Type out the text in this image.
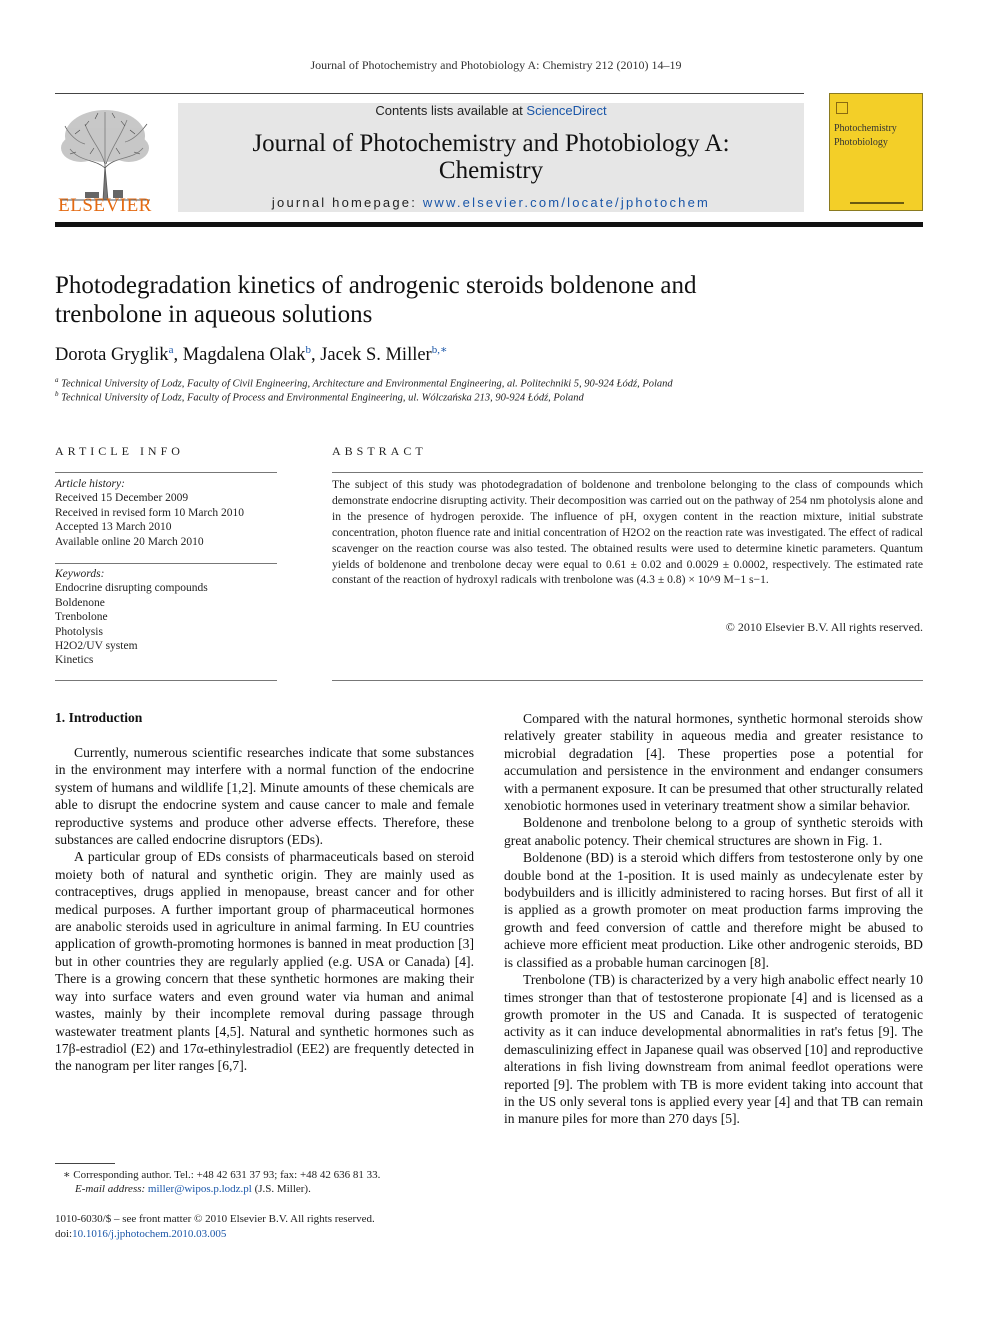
Journal of Photochemistry and Photobiology A: Chemistry 212 (2010) 14–19
ELSEVIER
Contents lists available at ScienceDirect
Journal of Photochemistry and Photobiology A:
Chemistry
journal homepage: www.elsevier.com/locate/jphotochem
Photochemistry
Photobiology
Photodegradation kinetics of androgenic steroids boldenone and
trenbolone in aqueous solutions
Dorota Gryglik$^a$, Magdalena Olak$^b$, Jacek S. Miller$^{b,∗}$
$^a$ Technical University of Lodz, Faculty of Civil Engineering, Architecture and Environmental Engineering, al. Politechniki 5, 90-924 Łódź, Poland
$^b$ Technical University of Lodz, Faculty of Process and Environmental Engineering, ul. Wólczańska 213, 90-924 Łódź, Poland
ARTICLE INFO
Article history:
Received 15 December 2009
Received in revised form 10 March 2010
Accepted 13 March 2010
Available online 20 March 2010
Keywords:
Endocrine disrupting compounds
Boldenone
Trenbolone
Photolysis
H2O2/UV system
Kinetics
ABSTRACT
The subject of this study was photodegradation of boldenone and trenbolone belonging to the class of compounds which demonstrate endocrine disrupting activity. Their decomposition was carried out on the pathway of 254 nm photolysis alone and in the presence of hydrogen peroxide. The influence of pH, oxygen content in the reaction mixture, initial substrate concentration, photon fluence rate and initial concentration of H2O2 on the reaction rate was investigated. The effect of radical scavenger on the reaction course was also tested. The obtained results were used to determine kinetic parameters. Quantum yields of boldenone and trenbolone decay were equal to 0.61 ± 0.02 and 0.0029 ± 0.0002, respectively. The estimated rate constant of the reaction of hydroxyl radicals with trenbolone was (4.3 ± 0.8) × 10^9 M−1 s−1.
© 2010 Elsevier B.V. All rights reserved.
1. Introduction

Currently, numerous scientific researches indicate that some substances in the environment may interfere with a normal function of the endocrine system of humans and wildlife [1,2]. Minute amounts of these chemicals are able to disrupt the endocrine system and cause cancer to male and female reproductive systems and produce other adverse effects. Therefore, these substances are called endocrine disruptors (EDs).

A particular group of EDs consists of pharmaceuticals based on steroid moiety both of natural and synthetic origin. They are mainly used as contraceptives, drugs applied in menopause, breast cancer and for other medical purposes. A further important group of pharmaceutical hormones are anabolic steroids used in agriculture in animal farming. In EU countries application of growth-promoting hormones is banned in meat production [3] but in other countries they are regularly applied (e.g. USA or Canada) [4]. There is a growing concern that these synthetic hormones are making their way into surface waters and even ground water via human and animal wastes, mainly by their incomplete removal during passage through wastewater treatment plants [4,5]. Natural and synthetic hormones such as 17β-estradiol (E2) and 17α-ethinylestradiol (EE2) are frequently detected in the nanogram per liter ranges [6,7].

Compared with the natural hormones, synthetic hormonal steroids show relatively greater stability in aqueous media and greater resistance to microbial degradation [4]. These properties pose a potential for accumulation and persistence in the environment and endanger consumers with a permanent exposure. It can be presumed that other structurally related xenobiotic hormones used in veterinary treatment show a similar behavior.

Boldenone and trenbolone belong to a group of synthetic steroids with great anabolic potency. Their chemical structures are shown in Fig. 1.

Boldenone (BD) is a steroid which differs from testosterone only by one double bond at the 1-position. It is used mainly as undecylenate ester by bodybuilders and is illicitly administered to racing horses. But first of all it is applied as a growth promoter on meat production farms improving the growth and feed conversion of cattle and therefore might be abused to achieve more efficient meat production. Like other androgenic steroids, BD is classified as a probable human carcinogen [8].

Trenbolone (TB) is characterized by a very high anabolic effect nearly 10 times stronger than that of testosterone propionate [4] and is licensed as a growth promoter in the US and Canada. It is suspected of teratogenic activity as it can induce developmental abnormalities in rat's fetus [9]. The demasculinizing effect in Japanese quail was observed [10] and reproductive alterations in fish living downstream from animal feedlot operations were reported [9]. The problem with TB is more evident taking into account that in the US only several tons is applied every year [4] and that TB can remain in manure piles for more than 270 days [5].

∗ Corresponding author. Tel.: +48 42 631 37 93; fax: +48 42 636 81 33.
E-mail address: miller@wipos.p.lodz.pl (J.S. Miller).
1010-6030/$ – see front matter © 2010 Elsevier B.V. All rights reserved.
doi:10.1016/j.jphotochem.2010.03.005
